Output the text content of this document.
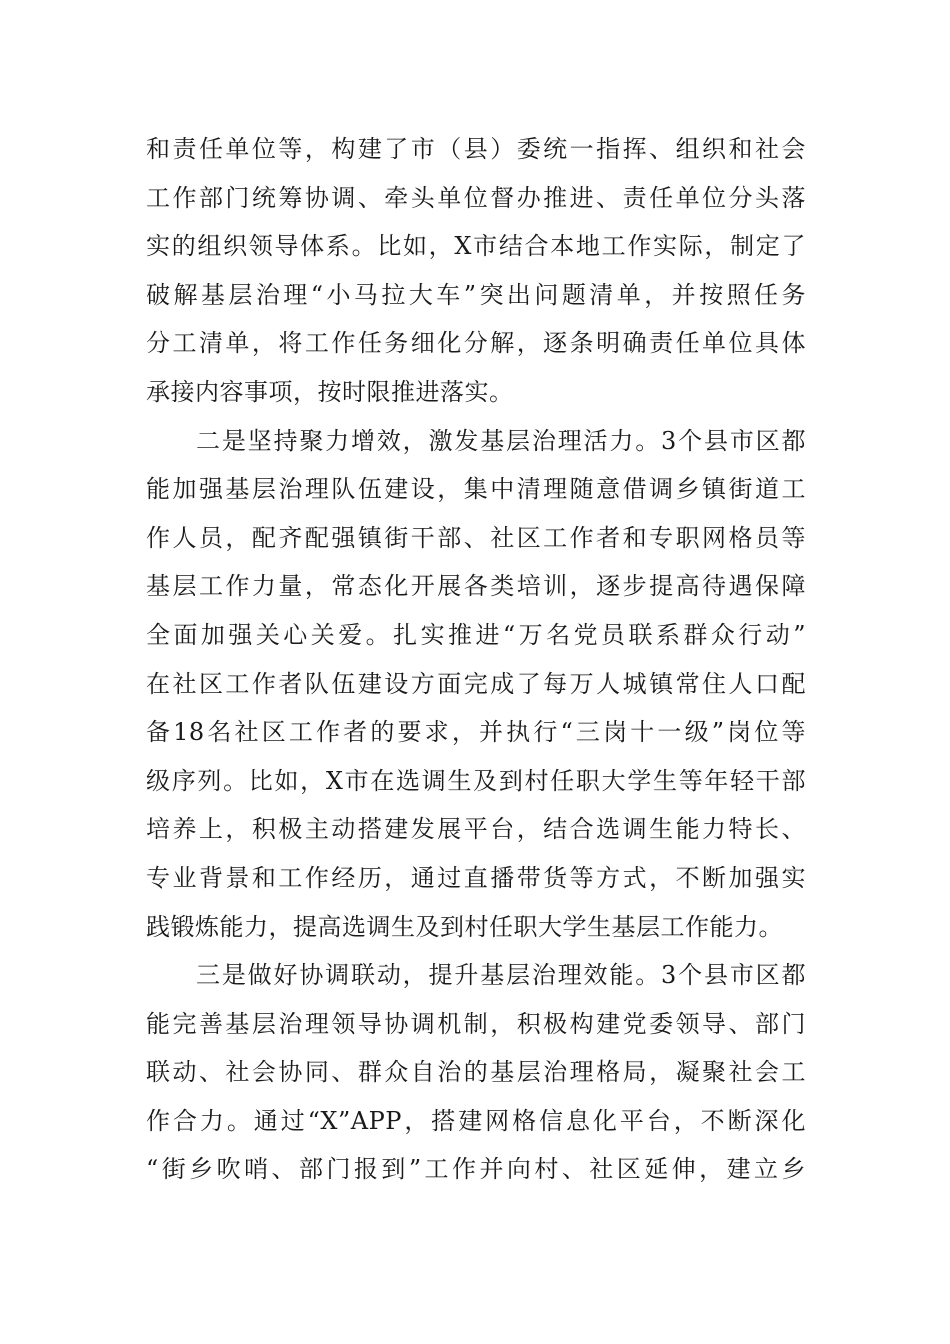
和责任单位等，构建了市（县）委统一指挥、组织和社会
工作部门统筹协调、牵头单位督办推进、责任单位分头落
实的组织领导体系。比如，X市结合本地工作实际，制定了
破解基层治理“小马拉大车”突出问题清单，并按照任务
分工清单，将工作任务细化分解，逐条明确责任单位具体
承接内容事项，按时限推进落实。
二是坚持聚力增效，激发基层治理活力。3个县市区都
能加强基层治理队伍建设，集中清理随意借调乡镇街道工
作人员，配齐配强镇街干部、社区工作者和专职网格员等
基层工作力量，常态化开展各类培训，逐步提高待遇保障
全面加强关心关爱。扎实推进“万名党员联系群众行动”
在社区工作者队伍建设方面完成了每万人城镇常住人口配
备18名社区工作者的要求，并执行“三岗十一级”岗位等
级序列。比如，X市在选调生及到村任职大学生等年轻干部
培养上，积极主动搭建发展平台，结合选调生能力特长、
专业背景和工作经历，通过直播带货等方式，不断加强实
践锻炼能力，提高选调生及到村任职大学生基层工作能力。
三是做好协调联动，提升基层治理效能。3个县市区都
能完善基层治理领导协调机制，积极构建党委领导、部门
联动、社会协同、群众自治的基层治理格局，凝聚社会工
作合力。通过“X”APP，搭建网格信息化平台，不断深化
“街乡吹哨、部门报到”工作并向村、社区延伸，建立乡
